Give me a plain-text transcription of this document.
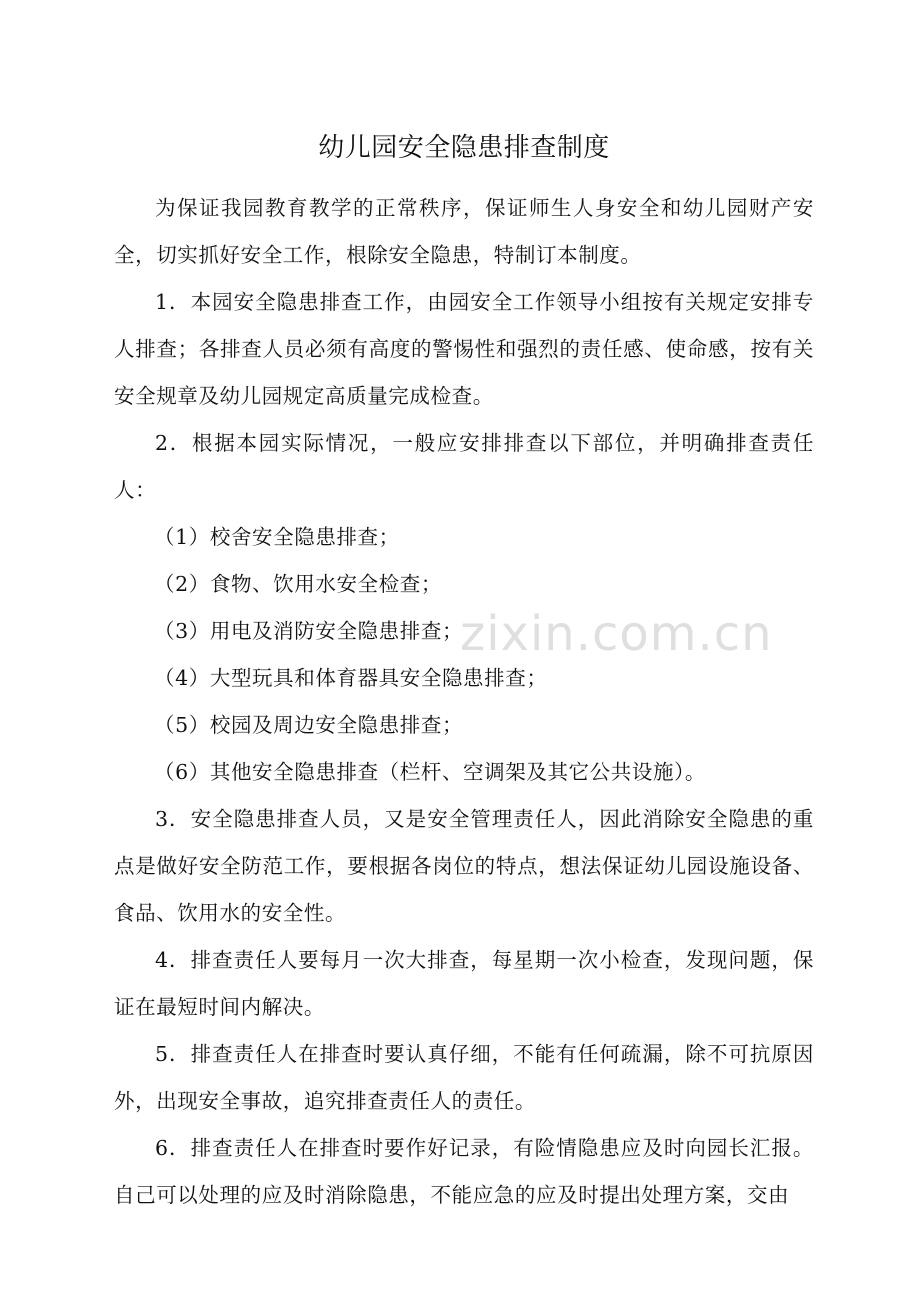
幼儿园安全隐患排查制度

为保证我园教育教学的正常秩序，保证师生人身安全和幼儿园财产安全，切实抓好安全工作，根除安全隐患，特制订本制度。

1．本园安全隐患排查工作，由园安全工作领导小组按有关规定安排专人排查；各排查人员必须有高度的警惕性和强烈的责任感、使命感，按有关安全规章及幼儿园规定高质量完成检查。

2．根据本园实际情况，一般应安排排查以下部位，并明确排查责任人：

（1）校舍安全隐患排查；

（2）食物、饮用水安全检查；

（3）用电及消防安全隐患排查；

（4）大型玩具和体育器具安全隐患排查；

（5）校园及周边安全隐患排查；

（6）其他安全隐患排查（栏杆、空调架及其它公共设施）。

3．安全隐患排查人员，又是安全管理责任人，因此消除安全隐患的重点是做好安全防范工作，要根据各岗位的特点，想法保证幼儿园设施设备、食品、饮用水的安全性。

4．排查责任人要每月一次大排查，每星期一次小检查，发现问题，保证在最短时间内解决。

5．排查责任人在排查时要认真仔细，不能有任何疏漏，除不可抗原因外，出现安全事故，追究排查责任人的责任。

6．排查责任人在排查时要作好记录，有险情隐患应及时向园长汇报。自己可以处理的应及时消除隐患，不能应急的应及时提出处理方案，交由

zixin.com.cn
